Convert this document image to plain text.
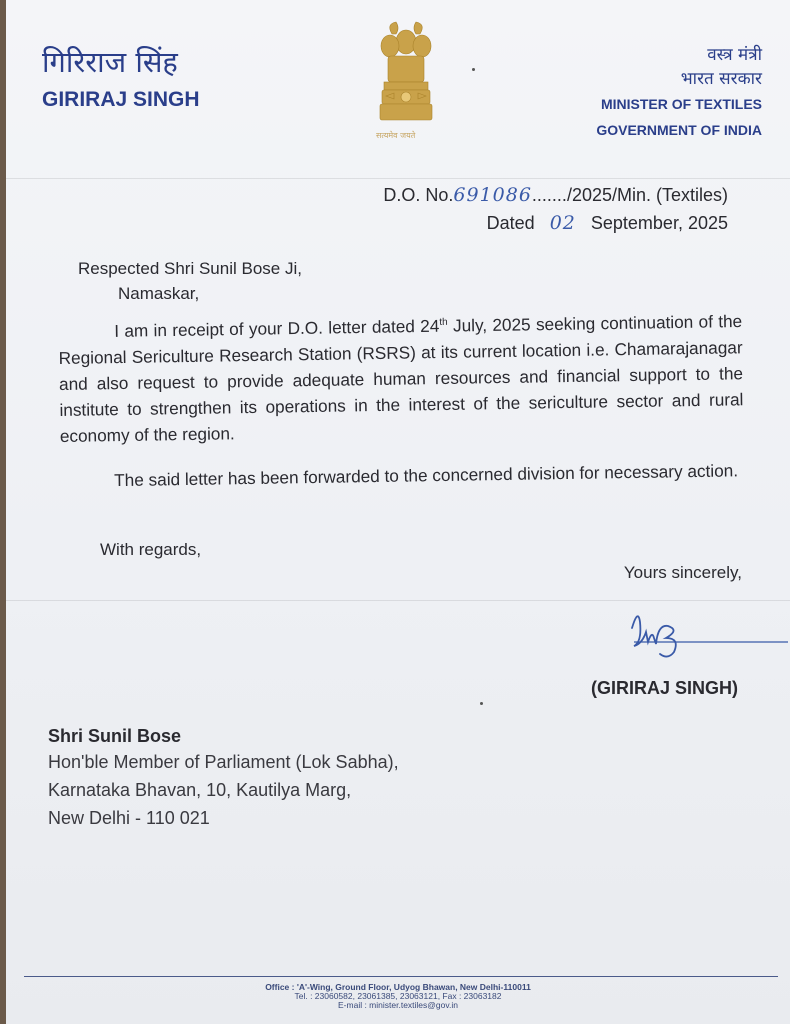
गिरिराज सिंह
GIRIRAJ SINGH
सत्यमेव जयते
वस्त्र मंत्री
भारत सरकार
MINISTER OF TEXTILES
GOVERNMENT OF INDIA
D.O. No.691086......./2025/Min. (Textiles)
Dated 02 September, 2025
Respected Shri Sunil Bose Ji,
Namaskar,

I am in receipt of your D.O. letter dated 24th July, 2025 seeking continuation of the Regional Sericulture Research Station (RSRS) at its current location i.e. Chamarajanagar and also request to provide adequate human resources and financial support to the institute to strengthen its operations in the interest of the sericulture sector and rural economy of the region.

The said letter has been forwarded to the concerned division for necessary action.

With regards,
Yours sincerely,
(GIRIRAJ SINGH)
Shri Sunil Bose
Hon'ble Member of Parliament (Lok Sabha),
Karnataka Bhavan, 10, Kautilya Marg,
New Delhi - 110 021
Office : 'A'-Wing, Ground Floor, Udyog Bhawan, New Delhi-110011
Tel. : 23060582, 23061385, 23063121, Fax : 23063182
E-mail : minister.textiles@gov.in
